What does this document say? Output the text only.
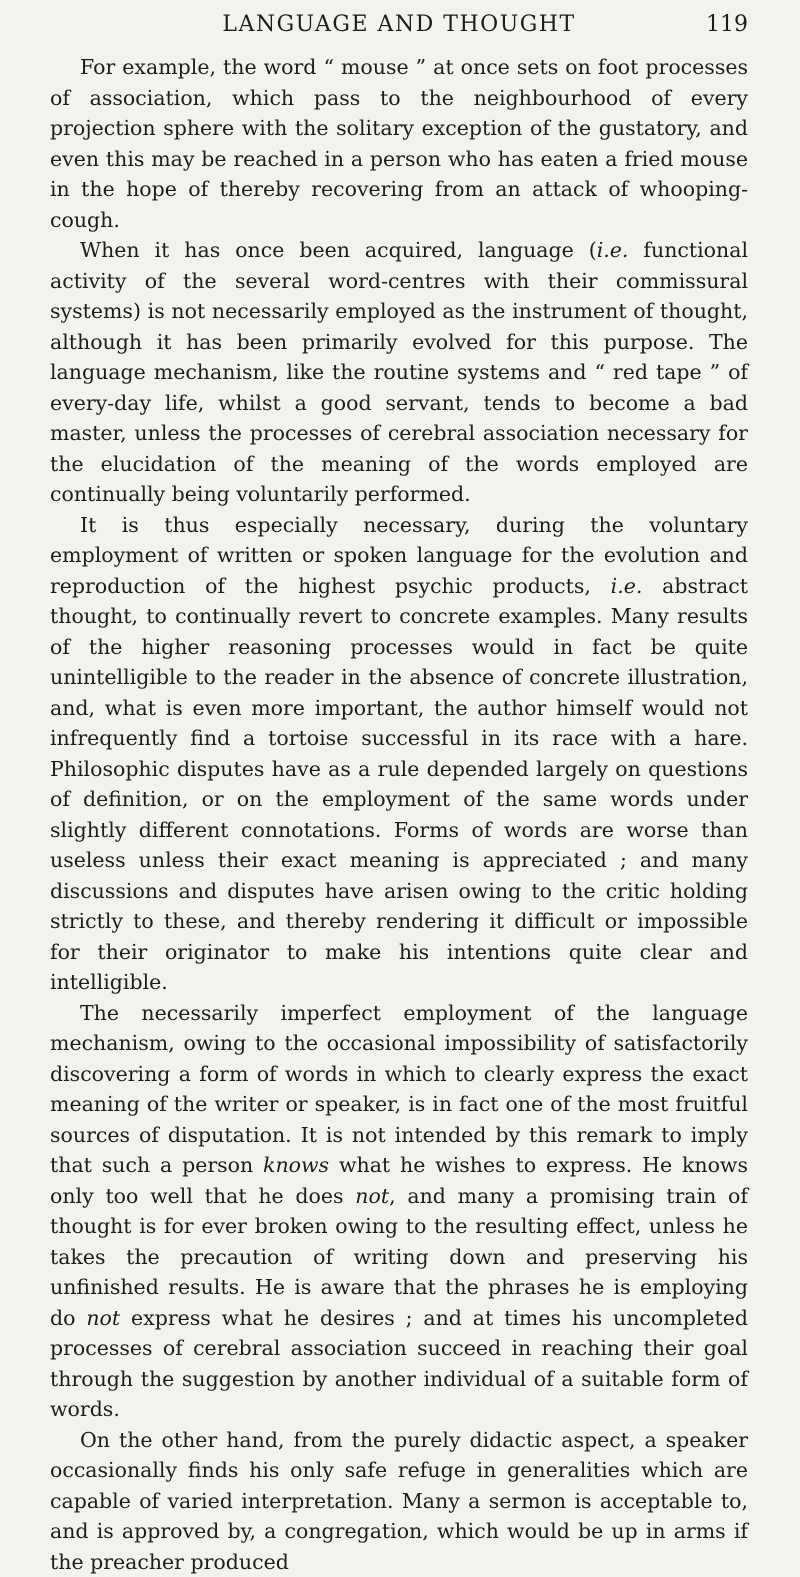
LANGUAGE AND THOUGHT	119

For example, the word “ mouse ” at once sets on foot processes of association, which pass to the neighbourhood of every projection sphere with the solitary exception of the gustatory, and even this may be reached in a person who has eaten a fried mouse in the hope of thereby recovering from an attack of whooping-cough.

When it has once been acquired, language (i.e. functional activity of the several word-centres with their commissural systems) is not necessarily employed as the instrument of thought, although it has been primarily evolved for this purpose. The language mechanism, like the routine systems and “ red tape ” of every-day life, whilst a good servant, tends to become a bad master, unless the processes of cerebral association necessary for the elucidation of the meaning of the words employed are continually being voluntarily performed.

It is thus especially necessary, during the voluntary employment of written or spoken language for the evolution and reproduction of the highest psychic products, i.e. abstract thought, to continually revert to concrete examples. Many results of the higher reasoning processes would in fact be quite unintelligible to the reader in the absence of concrete illustration, and, what is even more important, the author himself would not infrequently find a tortoise successful in its race with a hare. Philosophic disputes have as a rule depended largely on questions of definition, or on the employment of the same words under slightly different connotations. Forms of words are worse than useless unless their exact meaning is appreciated ; and many discussions and disputes have arisen owing to the critic holding strictly to these, and thereby rendering it difficult or impossible for their originator to make his intentions quite clear and intelligible.

The necessarily imperfect employment of the language mechanism, owing to the occasional impossibility of satisfactorily discovering a form of words in which to clearly express the exact meaning of the writer or speaker, is in fact one of the most fruitful sources of disputation. It is not intended by this remark to imply that such a person knows what he wishes to express. He knows only too well that he does not, and many a promising train of thought is for ever broken owing to the resulting effect, unless he takes the precaution of writing down and preserving his unfinished results. He is aware that the phrases he is employing do not express what he desires ; and at times his uncompleted processes of cerebral association succeed in reaching their goal through the suggestion by another individual of a suitable form of words.

On the other hand, from the purely didactic aspect, a speaker occasionally finds his only safe refuge in generalities which are capable of varied interpretation. Many a sermon is acceptable to, and is approved by, a congregation, which would be up in arms if the preacher produced
